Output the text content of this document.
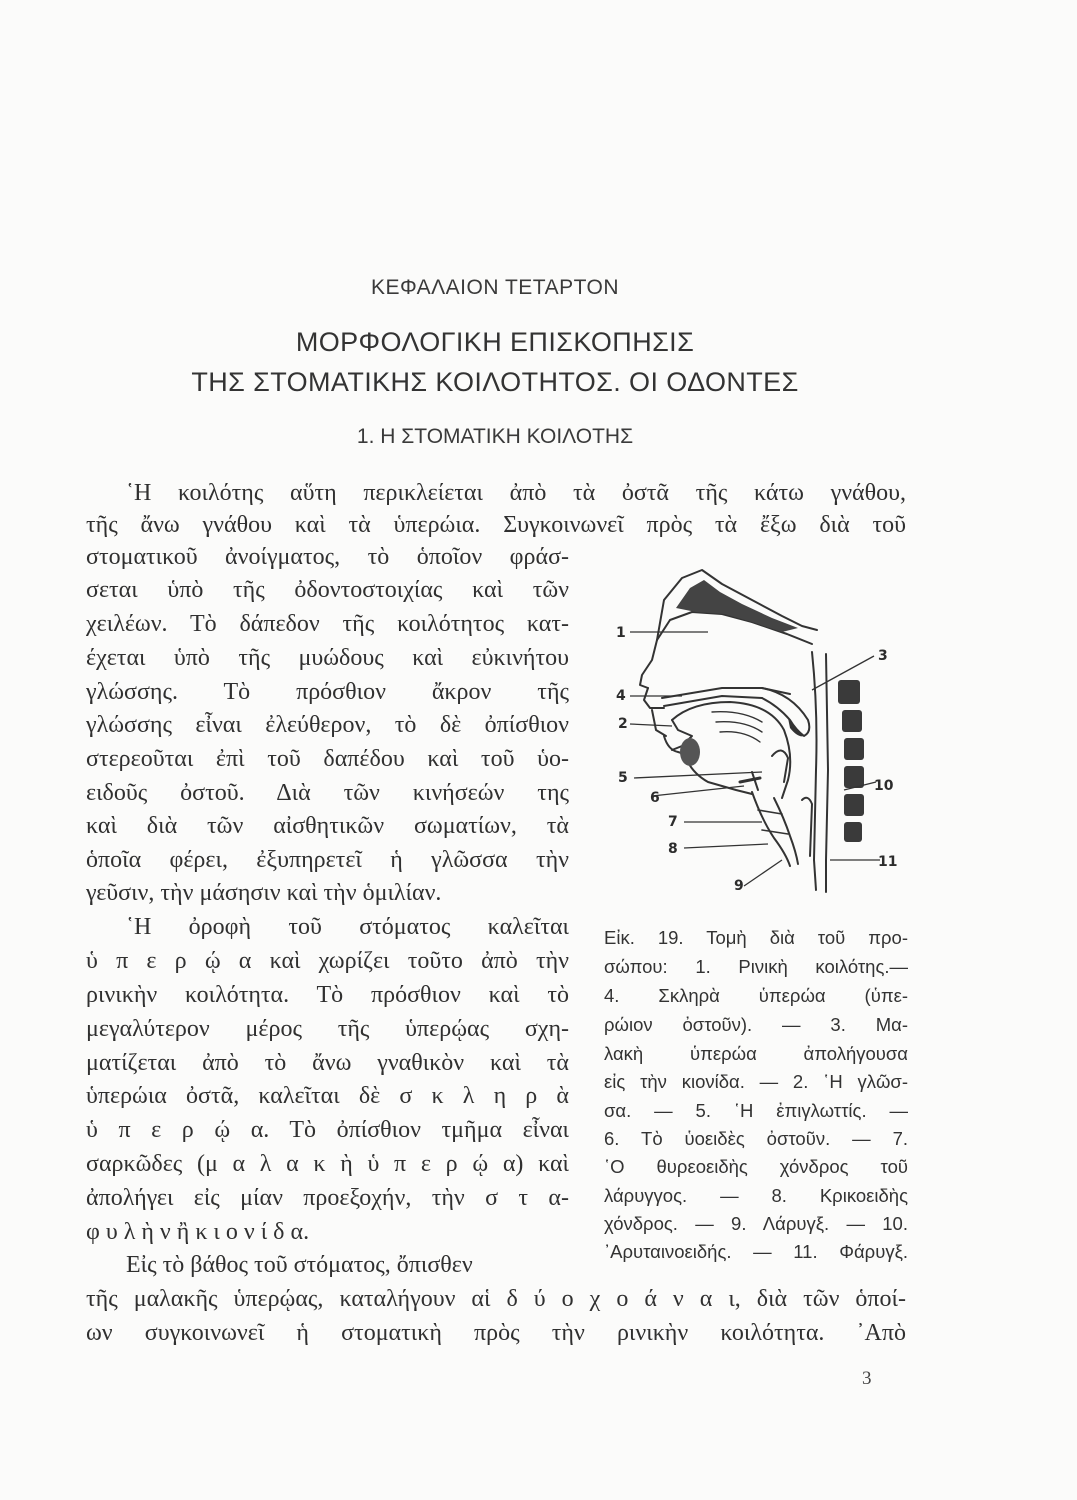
ΚΕΦΑΛΑΙΟΝ ΤΕΤΑΡΤΟΝ
ΜΟΡΦΟΛΟΓΙΚΗ ΕΠΙΣΚΟΠΗΣΙΣ
ΤΗΣ ΣΤΟΜΑΤΙΚΗΣ ΚΟΙΛΟΤΗΤΟΣ. ΟΙ ΟΔΟΝΤΕΣ
1. Η ΣΤΟΜΑΤΙΚΗ ΚΟΙΛΟΤΗΣ
῾Η κοιλότης αὕτη περικλείεται ἀπὸ τὰ ὀστᾶ τῆς κάτω γνάθου,
τῆς ἄνω γνάθου καὶ τὰ ὑπερώια. Συγκοινωνεῖ πρὸς τὰ ἔξω διὰ τοῦ
στοματικοῦ ἀνοίγματος, τὸ ὁποῖον φράσ-
σεται ὑπὸ τῆς ὀδοντοστοιχίας καὶ τῶν
χειλέων. Τὸ δάπεδον τῆς κοιλότητος κατ-
έχεται ὑπὸ τῆς μυώδους καὶ εὐκινήτου
γλώσσης. Τὸ πρόσθιον ἄκρον τῆς
γλώσσης εἶναι ἐλεύθερον, τὸ δὲ ὀπίσθιον
στερεοῦται ἐπὶ τοῦ δαπέδου καὶ τοῦ ὑο-
ειδοῦς ὀστοῦ. Διὰ τῶν κινήσεών της
καὶ διὰ τῶν αἰσθητικῶν σωματίων, τὰ
ὁποῖα φέρει, ἐξυπηρετεῖ ἡ γλῶσσα τὴν
γεῦσιν, τὴν μάσησιν καὶ τὴν ὁμιλίαν.
῾Η ὀροφὴ τοῦ στόματος καλεῖται
ὑ π ε ρ ῴ α καὶ χωρίζει τοῦτο ἀπὸ τὴν
ρινικὴν κοιλότητα. Τὸ πρόσθιον καὶ τὸ
μεγαλύτερον μέρος τῆς ὑπερῴας σχη-
ματίζεται ἀπὸ τὸ ἄνω γναθικὸν καὶ τὰ
ὑπερώια ὀστᾶ, καλεῖται δὲ σ κ λ η ρ ὰ
ὑ π ε ρ ῴ α. Τὸ ὀπίσθιον τμῆμα εἶναι
σαρκῶδες (μ α λ α κ ὴ ὑ π ε ρ ῴ α) καὶ
ἀπολήγει εἰς μίαν προεξοχήν, τὴν σ τ α-
φ υ λ ὴ ν ἢ κ ι ο ν ί δ α.
Εἰς τὸ βάθος τοῦ στόματος, ὄπισθεν
τῆς μαλακῆς ὑπερῴας, καταλήγουν αἱ δ ύ ο χ ο ά ν α ι, διὰ τῶν ὁποί-
ων συγκοινωνεῖ ἡ στοματικὴ πρὸς τὴν ρινικὴν κοιλότητα. ᾿Απὸ
1
2
3
4
5
6
7
8
9
10
11
Εἰκ. 19. Τομὴ διὰ τοῦ προ-
σώπου: 1. Ρινικὴ κοιλότης.—
4. Σκληρὰ ὑπερώα (ὑπε-
ρώιον ὀστοῦν). — 3. Μα-
λακὴ ὑπερώα ἀπολήγουσα
εἰς τὴν κιονίδα. — 2. ῾Η γλῶσ-
σα. — 5. ῾Η ἐπιγλωττίς. —
6. Τὸ ὑοειδὲς ὀστοῦν. — 7.
῾Ο θυρεοειδὴς χόνδρος τοῦ
λάρυγγος. — 8. Κρικοειδὴς
χόνδρος. — 9. Λάρυγξ. — 10.
᾿Αρυταινοειδής. — 11. Φάρυγξ.
3
